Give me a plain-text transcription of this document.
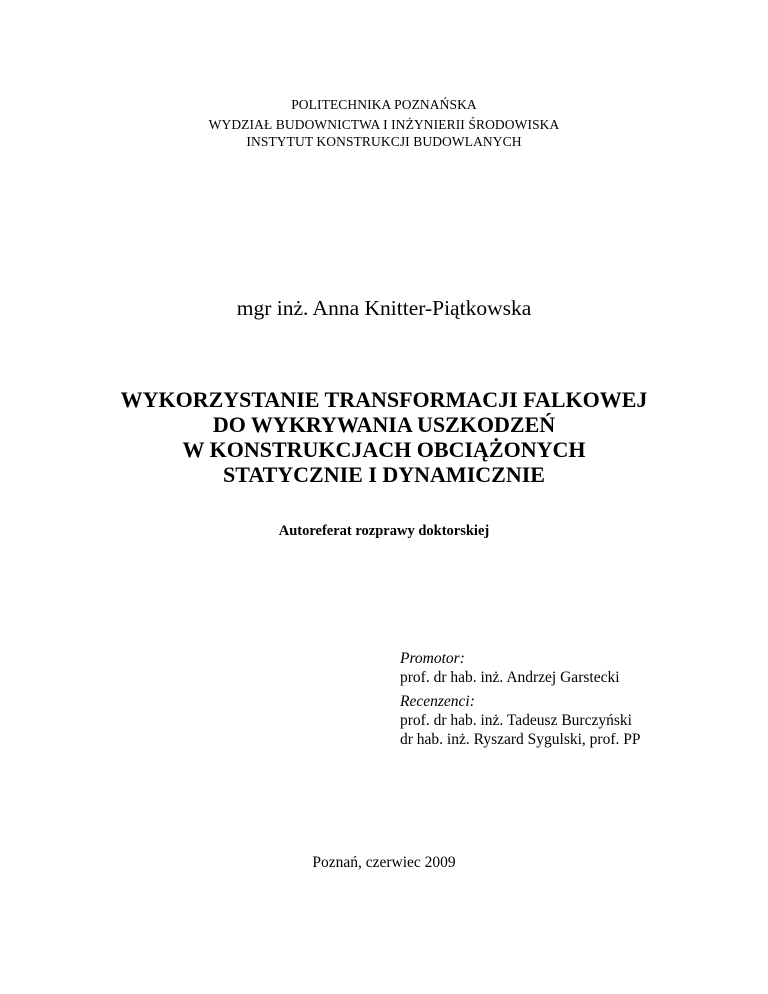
POLITECHNIKA POZNAŃSKA
WYDZIAŁ BUDOWNICTWA I INŻYNIERII ŚRODOWISKA
INSTYTUT KONSTRUKCJI BUDOWLANYCH
mgr inż. Anna Knitter-Piątkowska
WYKORZYSTANIE TRANSFORMACJI FALKOWEJ
DO WYKRYWANIA USZKODZEŃ
W KONSTRUKCJACH OBCIĄŻONYCH
STATYCZNIE I DYNAMICZNIE
Autoreferat rozprawy doktorskiej
Promotor:
prof. dr hab. inż. Andrzej Garstecki
Recenzenci:
prof. dr hab. inż. Tadeusz Burczyński
dr hab. inż. Ryszard Sygulski, prof. PP
Poznań, czerwiec 2009
